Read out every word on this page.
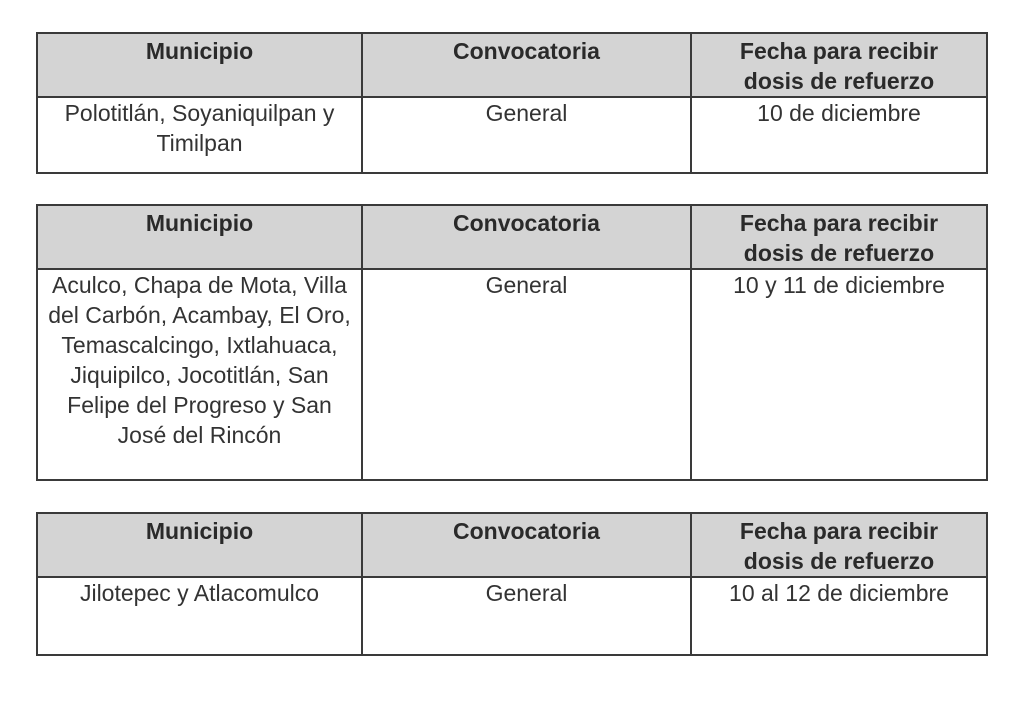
Municipio	Convocatoria	Fecha para recibir
dosis de refuerzo

Polotitlán, Soyaniquilpan y Timilpan	General	10 de diciembre
Municipio	Convocatoria	Fecha para recibir
dosis de refuerzo

Aculco, Chapa de Mota, Villa del Carbón, Acambay, El Oro, Temascalcingo, Ixtlahuaca, Jiquipilco, Jocotitlán, San Felipe del Progreso y San José del Rincón	General	10 y 11 de diciembre
Municipio	Convocatoria	Fecha para recibir
dosis de refuerzo

Jilotepec y Atlacomulco	General	10 al 12 de diciembre
